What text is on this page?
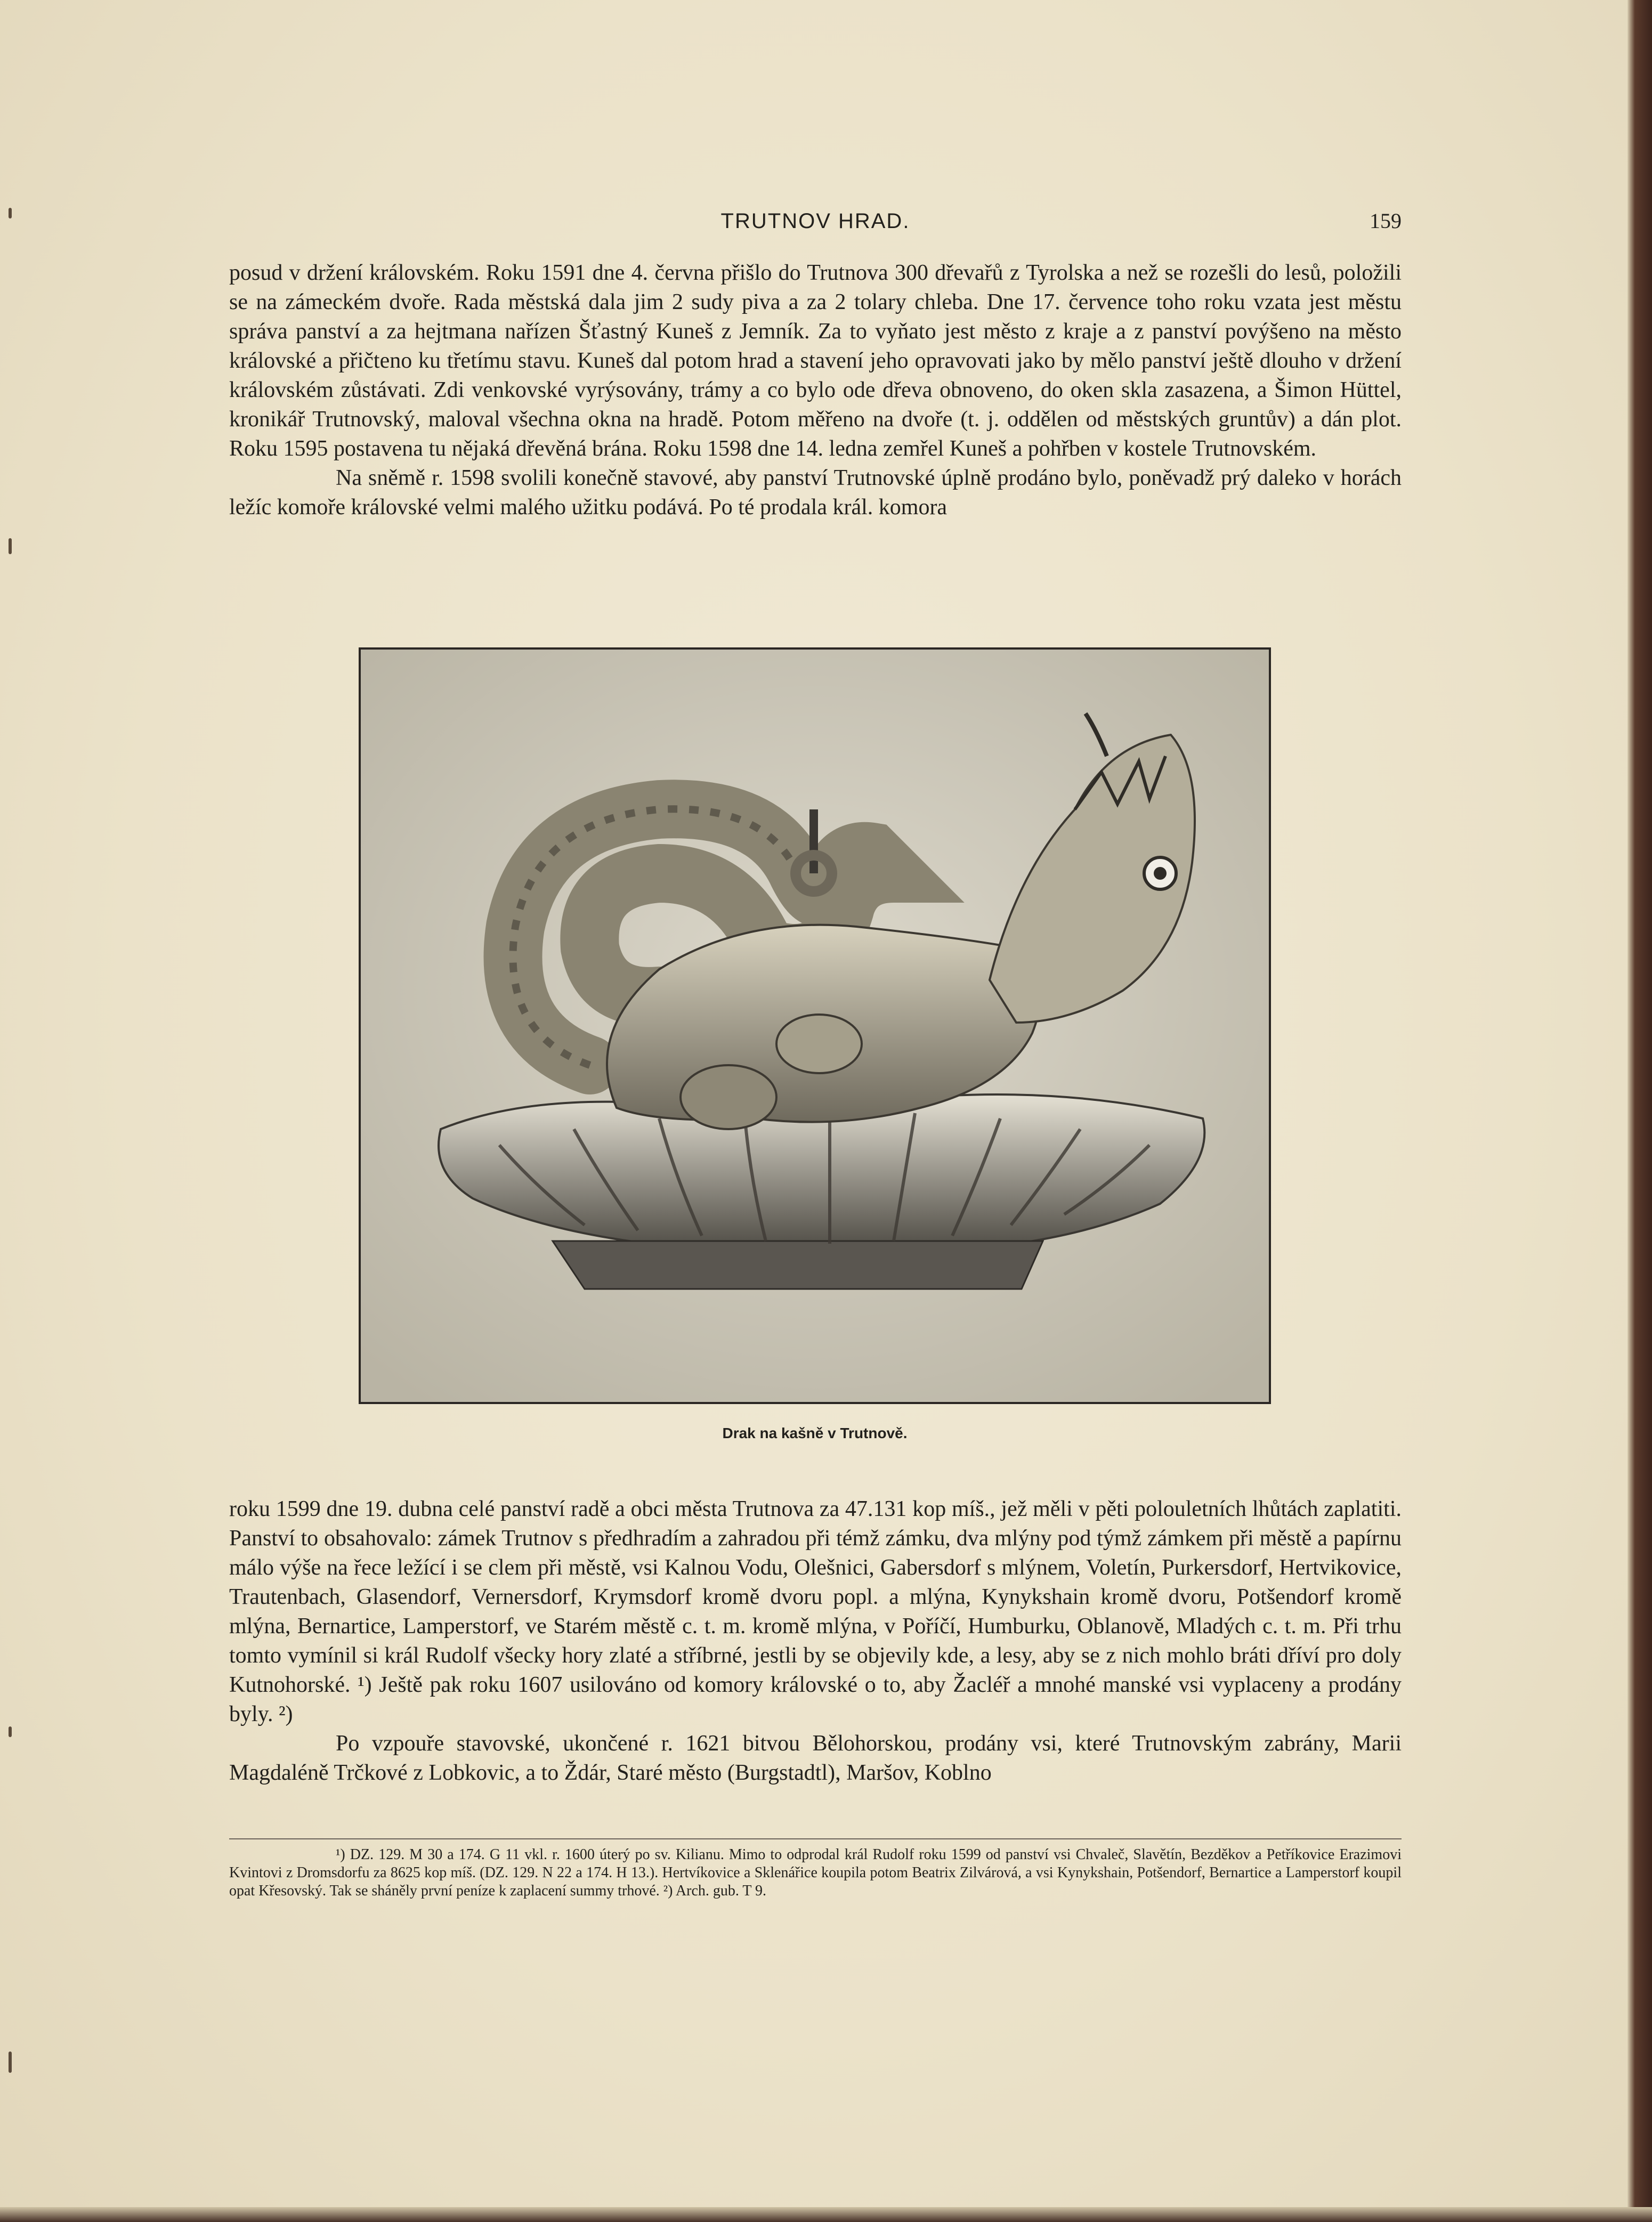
TRUTNOV HRAD.	159

posud v držení královském. Roku 1591 dne 4. června přišlo do Trutnova 300 dřevařů z Tyrolska a než se rozešli do lesů, položili se na zámeckém dvoře. Rada městská dala jim 2 sudy piva a za 2 tolary chleba. Dne 17. července toho roku vzata jest městu správa panství a za hejtmana nařízen Šťastný Kuneš z Jemník. Za to vyňato jest město z kraje a z panství povýšeno na město královské a přičteno ku třetímu stavu. Kuneš dal potom hrad a stavení jeho opravovati jako by mělo panství ještě dlouho v držení královském zůstávati. Zdi venkovské vyrýsovány, trámy a co bylo ode dřeva obnoveno, do oken skla zasazena, a Šimon Hüttel, kronikář Trutnovský, maloval všechna okna na hradě. Potom měřeno na dvoře (t. j. oddělen od městských gruntův) a dán plot. Roku 1595 postavena tu nějaká dřevěná brána. Roku 1598 dne 14. ledna zemřel Kuneš a pohřben v kostele Trutnovském.

Na sněmě r. 1598 svolili konečně stavové, aby panství Trutnovské úplně prodáno bylo, poněvadž prý daleko v horách ležíc komoře královské velmi malého užitku podává. Po té prodala král. komora

Drak na kašně v Trutnově.

roku 1599 dne 19. dubna celé panství radě a obci města Trutnova za 47.131 kop míš., jež měli v pěti polouletních lhůtách zaplatiti. Panství to obsahovalo: zámek Trutnov s předhradím a zahradou při témž zámku, dva mlýny pod týmž zámkem při městě a papírnu málo výše na řece ležící i se clem při městě, vsi Kalnou Vodu, Olešnici, Gabersdorf s mlýnem, Voletín, Purkersdorf, Hertvikovice, Trautenbach, Glasendorf, Vernersdorf, Krymsdorf kromě dvoru popl. a mlýna, Kynykshain kromě dvoru, Potšendorf kromě mlýna, Bernartice, Lamperstorf, ve Starém městě c. t. m. kromě mlýna, v Poříčí, Humburku, Oblanově, Mladých c. t. m. Při trhu tomto vymínil si král Rudolf všecky hory zlaté a stříbrné, jestli by se objevily kde, a lesy, aby se z nich mohlo bráti dříví pro doly Kutnohorské. ¹) Ještě pak roku 1607 usilováno od komory královské o to, aby Žacléř a mnohé manské vsi vyplaceny a prodány byly. ²)

Po vzpouře stavovské, ukončené r. 1621 bitvou Bělohorskou, prodány vsi, které Trutnovským zabrány, Marii Magdaléně Trčkové z Lobkovic, a to Ždár, Staré město (Burgstadtl), Maršov, Koblno

¹) DZ. 129. M 30 a 174. G 11 vkl. r. 1600 úterý po sv. Kilianu. Mimo to odprodal král Rudolf roku 1599 od panství vsi Chvaleč, Slavětín, Bezděkov a Petříkovice Erazimovi Kvintovi z Dromsdorfu za 8625 kop míš. (DZ. 129. N 22 a 174. H 13.). Hertvíkovice a Sklenářice koupila potom Beatrix Zilvárová, a vsi Kynykshain, Potšendorf, Bernartice a Lamperstorf koupil opat Křesovský. Tak se sháněly první peníze k zaplacení summy trhové. ²) Arch. gub. T 9.
